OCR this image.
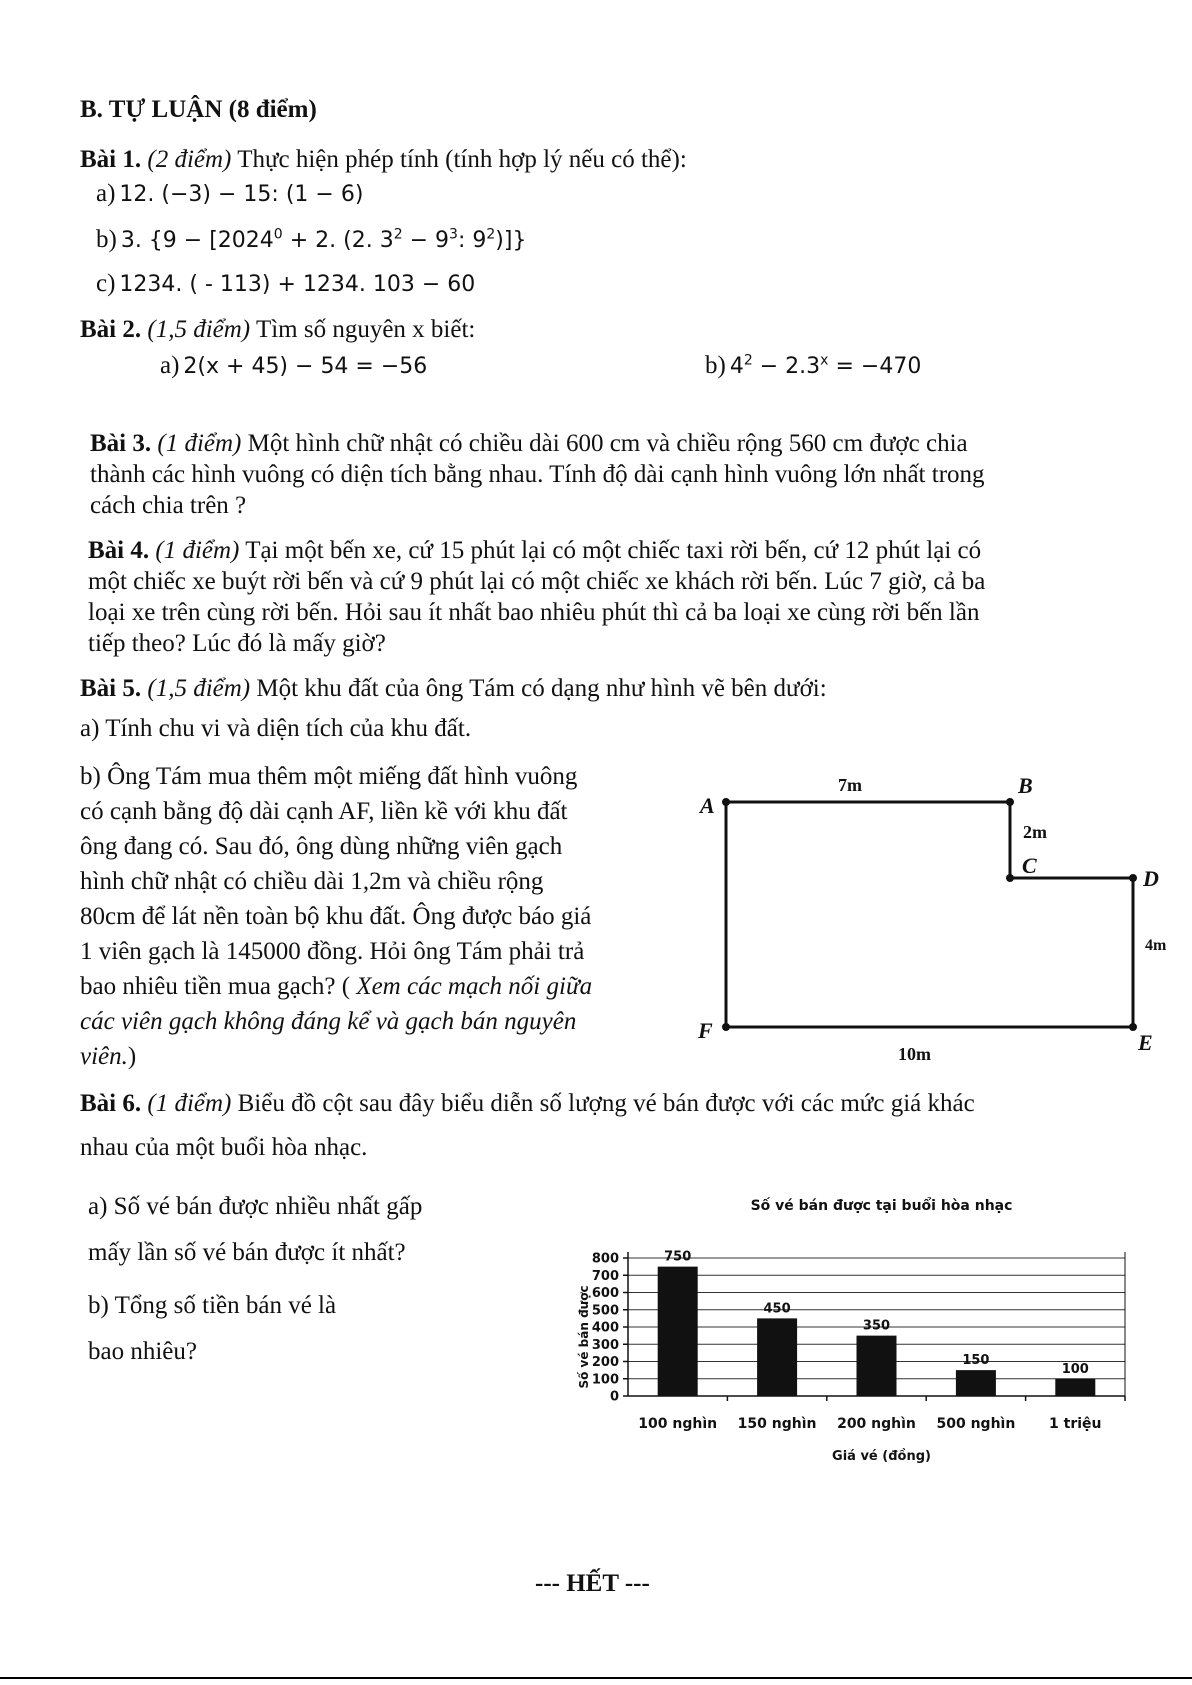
B. TỰ LUẬN (8 điểm)
Bài 1. (2 điểm) Thực hiện phép tính (tính hợp lý nếu có thể):
a) 12. (−3) − 15: (1 − 6)
b) 3. {$9 - [2024^0 + 2$. (2. $3^2 - 9^3$: $9^2$)]}
c) 1234. ( - 113) + 1234. 103 − 60
Bài 2. (1,5 điểm) Tìm số nguyên x biết:
a) 2(x + 45) − 54 = −56	b) $4^2 - 2.3^x = -470$
Bài 3. (1 điểm) Một hình chữ nhật có chiều dài 600 cm và chiều rộng 560 cm được chia
thành các hình vuông có diện tích bằng nhau. Tính độ dài cạnh hình vuông lớn nhất trong
cách chia trên ?
Bài 4. (1 điểm) Tại một bến xe, cứ 15 phút lại có một chiếc taxi rời bến, cứ 12 phút lại có
một chiếc xe buýt rời bến và cứ 9 phút lại có một chiếc xe khách rời bến. Lúc 7 giờ, cả ba
loại xe trên cùng rời bến. Hỏi sau ít nhất bao nhiêu phút thì cả ba loại xe cùng rời bến lần
tiếp theo? Lúc đó là mấy giờ?
Bài 5. (1,5 điểm) Một khu đất của ông Tám có dạng như hình vẽ bên dưới:
a) Tính chu vi và diện tích của khu đất.
b) Ông Tám mua thêm một miếng đất hình vuông
có cạnh bằng độ dài cạnh AF, liền kề với khu đất
ông đang có. Sau đó, ông dùng những viên gạch
hình chữ nhật có chiều dài 1,2m và chiều rộng
80cm để lát nền toàn bộ khu đất. Ông được báo giá
1 viên gạch là 145000 đồng. Hỏi ông Tám phải trả
bao nhiêu tiền mua gạch? ( Xem các mạch nối giữa
các viên gạch không đáng kể và gạch bán nguyên
viên.)
A
B
C
D
E
F
7m
2m
4m
10m
Bài 6. (1 điểm) Biểu đồ cột sau đây biểu diễn số lượng vé bán được với các mức giá khác
nhau của một buổi hòa nhạc.
a) Số vé bán được nhiều nhất gấp
mấy lần số vé bán được ít nhất?
b) Tổng số tiền bán vé là
bao nhiêu?
Số vé bán được tại buổi hòa nhạc
0
100
200
300
400
500
600
700
800	750
100 nghìn
450
150 nghìn
350
200 nghìn
150
500 nghìn
100
1 triệu
Giá vé (đồng)
Số vé bán được
--- HẾT ---
